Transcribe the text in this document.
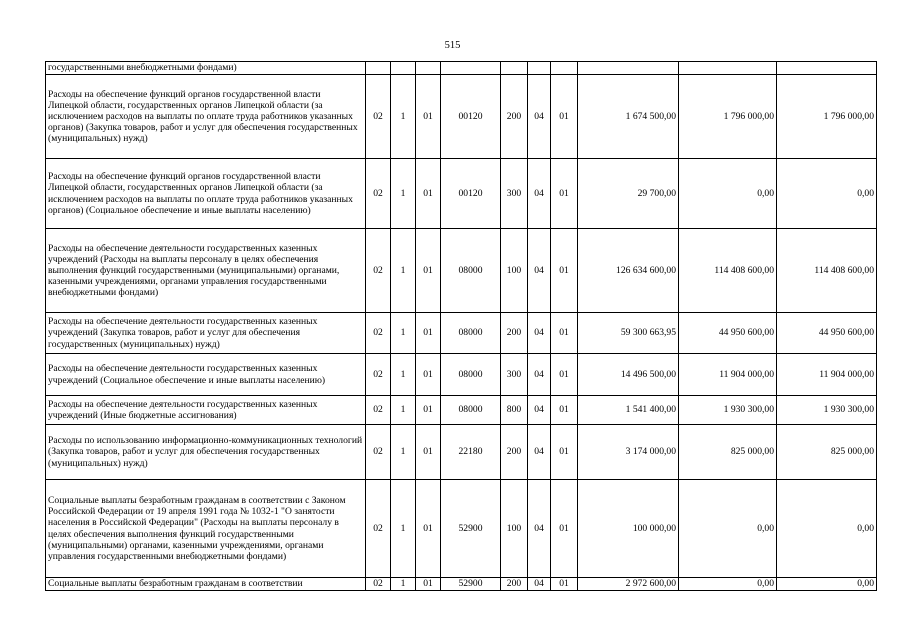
515
государственными внебюджетными фондами)										
Расходы на обеспечение функций органов государственной власти Липецкой области, государственных органов Липецкой области (за исключением расходов на выплаты по оплате труда работников указанных органов) (Закупка товаров, работ и услуг для обеспечения государственных (муниципальных) нужд)	02	1	01	00120	200	04	01	1 674 500,00	1 796 000,00	1 796 000,00
Расходы на обеспечение функций органов государственной власти Липецкой области, государственных органов Липецкой области (за исключением расходов на выплаты по оплате труда работников указанных органов) (Социальное обеспечение и иные выплаты населению)	02	1	01	00120	300	04	01	29 700,00	0,00	0,00
Расходы на обеспечение деятельности государственных казенных учреждений (Расходы на выплаты персоналу в целях обеспечения выполнения функций государственными (муниципальными) органами, казенными учреждениями, органами управления государственными внебюджетными фондами)	02	1	01	08000	100	04	01	126 634 600,00	114 408 600,00	114 408 600,00
Расходы на обеспечение деятельности государственных казенных учреждений (Закупка товаров, работ и услуг для обеспечения государственных (муниципальных) нужд)	02	1	01	08000	200	04	01	59 300 663,95	44 950 600,00	44 950 600,00
Расходы на обеспечение деятельности государственных казенных учреждений (Социальное обеспечение и иные выплаты населению)	02	1	01	08000	300	04	01	14 496 500,00	11 904 000,00	11 904 000,00
Расходы на обеспечение деятельности государственных казенных учреждений (Иные бюджетные ассигнования)	02	1	01	08000	800	04	01	1 541 400,00	1 930 300,00	1 930 300,00
Расходы по использованию информационно-коммуникационных технологий (Закупка товаров, работ и услуг для обеспечения государственных (муниципальных) нужд)	02	1	01	22180	200	04	01	3 174 000,00	825 000,00	825 000,00
Социальные выплаты безработным гражданам в соответствии с Законом Российской Федерации от 19 апреля 1991 года № 1032-1 "О занятости населения в Российской Федерации" (Расходы на выплаты персоналу в целях обеспечения выполнения функций государственными (муниципальными) органами, казенными учреждениями, органами управления государственными внебюджетными фондами)	02	1	01	52900	100	04	01	100 000,00	0,00	0,00
Социальные выплаты безработным гражданам в соответствии	02	1	01	52900	200	04	01	2 972 600,00	0,00	0,00
